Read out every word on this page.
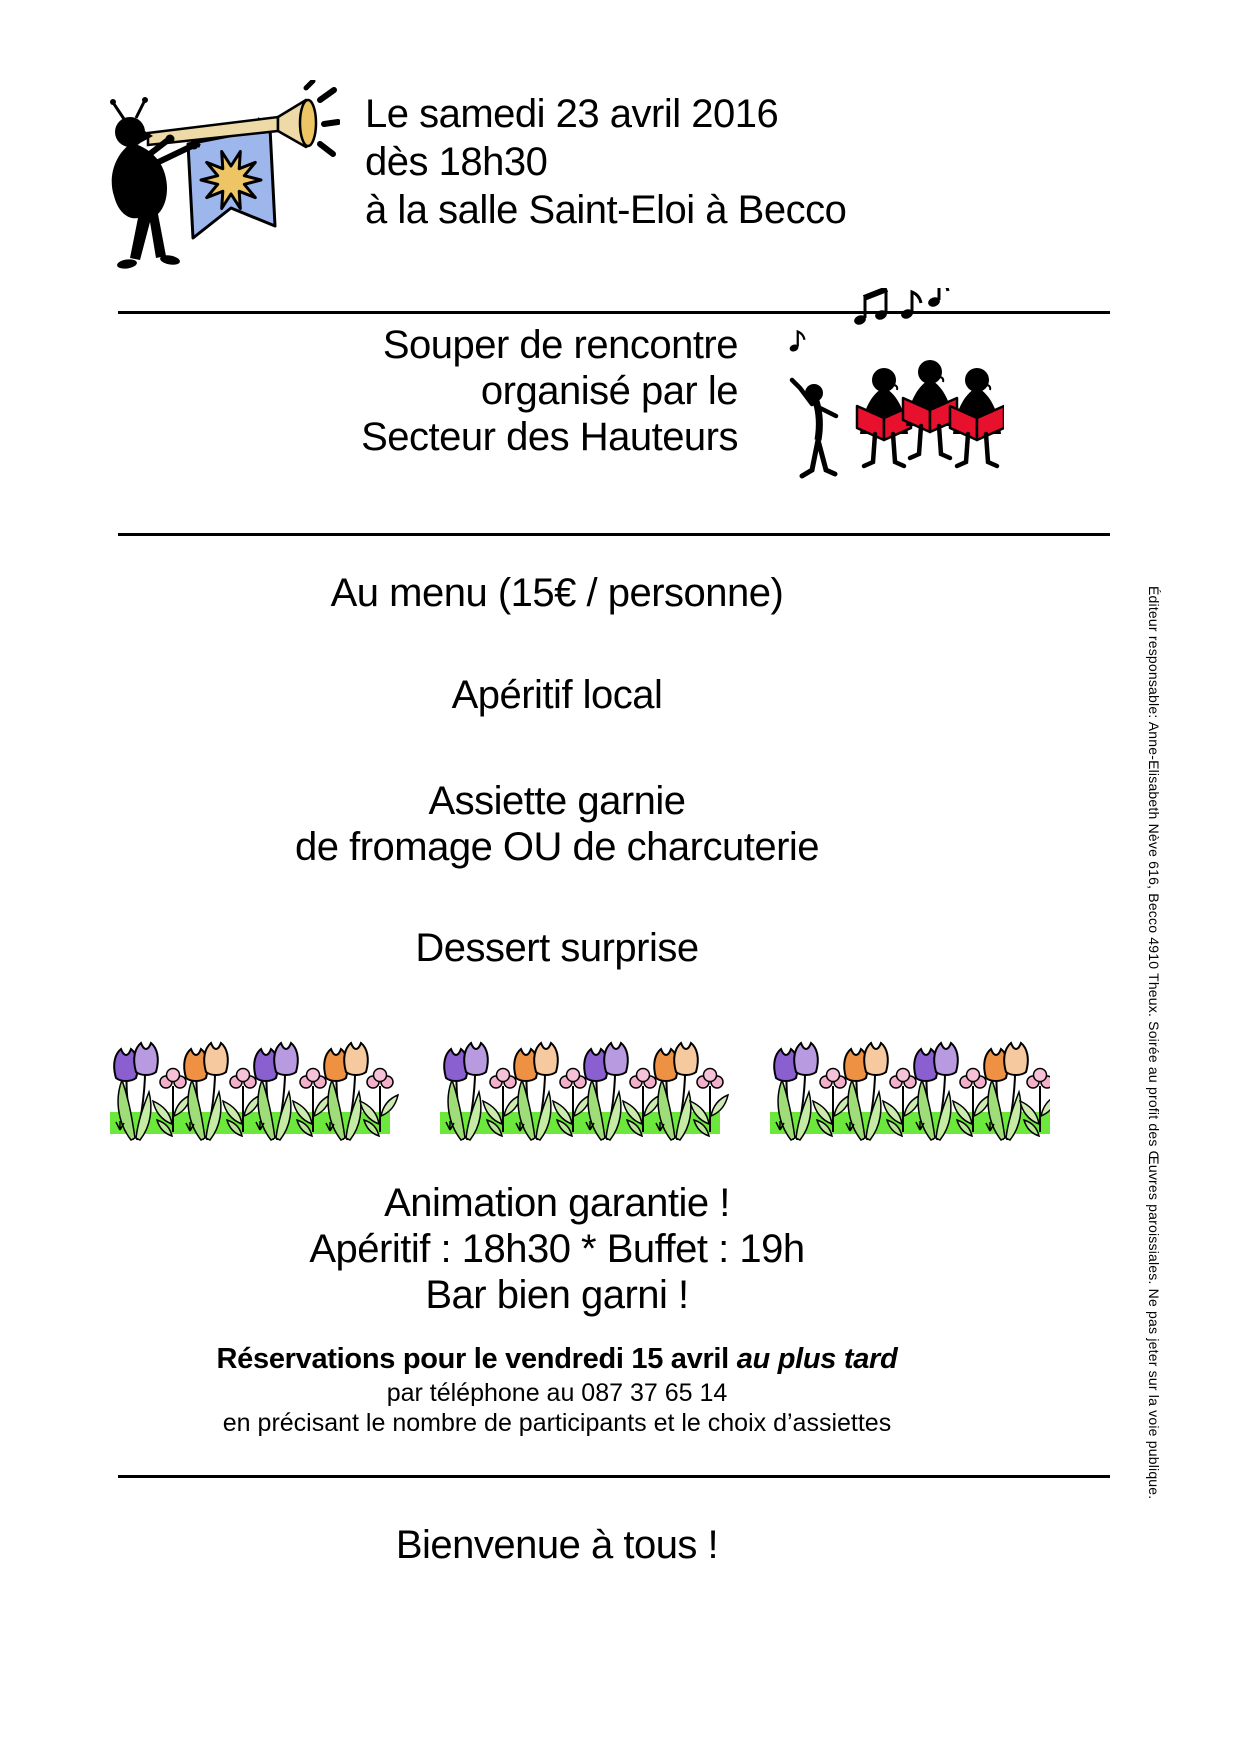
Le samedi 23 avril 2016
dès 18h30
à la salle Saint-Eloi à Becco
Souper de rencontre
organisé par le
Secteur des Hauteurs
Au menu (15€ / personne)
Apéritif local
Assiette garnie
de fromage OU de charcuterie
Dessert surprise
Animation garantie !
Apéritif : 18h30 * Buffet : 19h
Bar bien garni !
Réservations pour le vendredi 15 avril au plus tard
par téléphone au 087 37 65 14
en précisant le nombre de participants et le choix d’assiettes
Bienvenue à tous !
Éditeur responsable: Anne-Elisabeth Nève 616, Becco 4910 Theux. Soirée au profit des Œuvres paroissiales. Ne pas jeter sur la voie publique.
